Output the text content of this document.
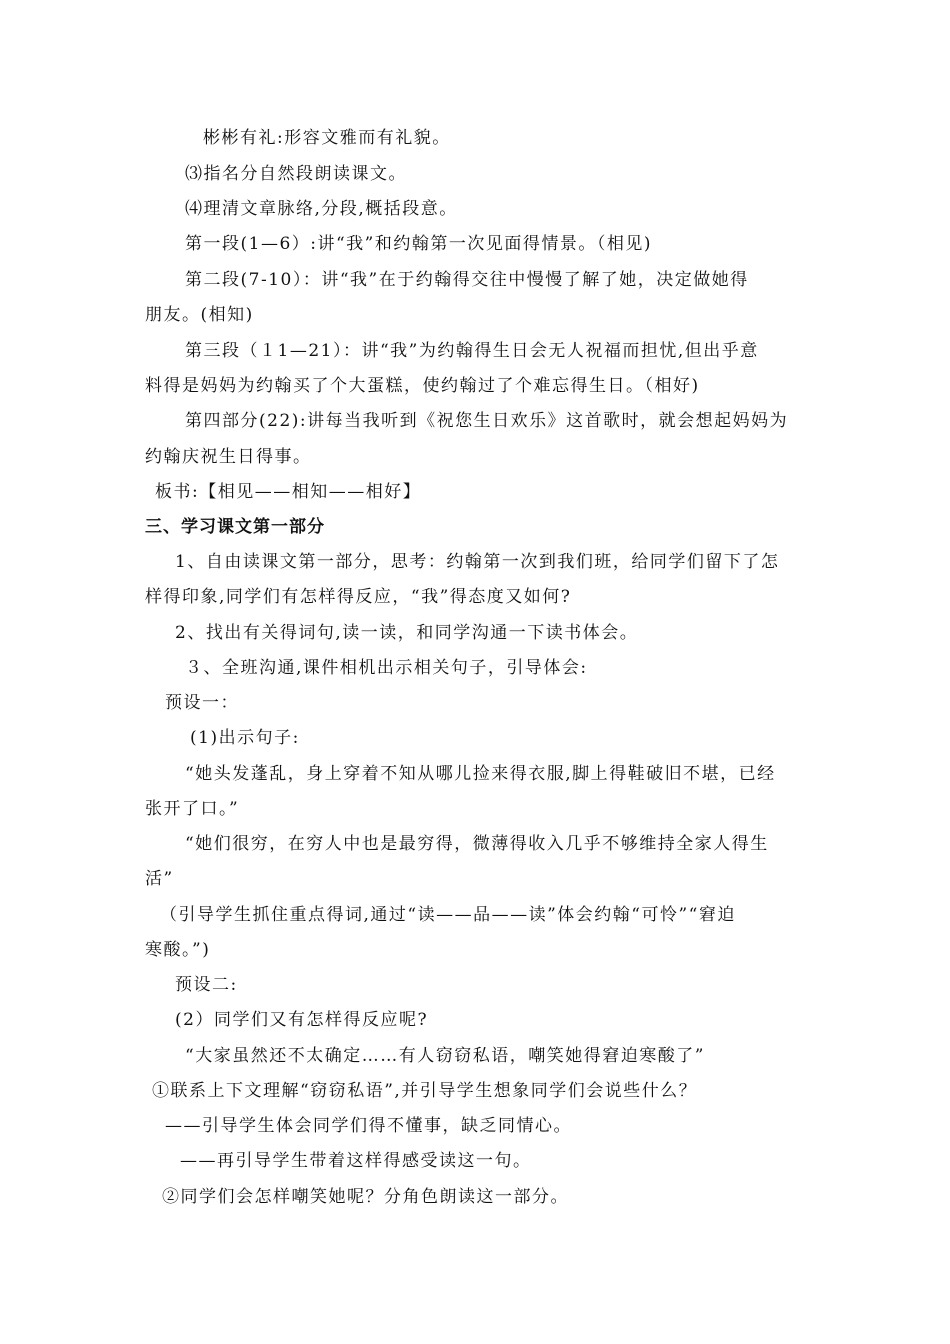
彬彬有礼:形容文雅而有礼貌。
⑶指名分自然段朗读课文。
⑷理清文章脉络,分段,概括段意。
第一段(1—6）:讲“我”和约翰第一次见面得情景。（相见)
第二段(7-10）：讲“我”在于约翰得交往中慢慢了解了她，决定做她得
朋友。(相知)
第三段（１1—21）：讲“我”为约翰得生日会无人祝福而担忧,但出乎意
料得是妈妈为约翰买了个大蛋糕，使约翰过了个难忘得生日。（相好)
第四部分(22):讲每当我听到《祝您生日欢乐》这首歌时，就会想起妈妈为
约翰庆祝生日得事。
板书:【相见——相知——相好】
三、学习课文第一部分
1、自由读课文第一部分，思考：约翰第一次到我们班，给同学们留下了怎
样得印象,同学们有怎样得反应，“我”得态度又如何?
2、找出有关得词句,读一读，和同学沟通一下读书体会。
３、全班沟通,课件相机出示相关句子，引导体会:
预设一：
(1)出示句子:
“她头发蓬乱，身上穿着不知从哪儿捡来得衣服,脚上得鞋破旧不堪，已经
张开了口。”
“她们很穷，在穷人中也是最穷得，微薄得收入几乎不够维持全家人得生
活”
（引导学生抓住重点得词,通过“读——品——读”体会约翰“可怜”“窘迫
寒酸。”)
预设二:
(2）同学们又有怎样得反应呢?
“大家虽然还不太确定……有人窃窃私语，嘲笑她得窘迫寒酸了”
①联系上下文理解“窃窃私语”,并引导学生想象同学们会说些什么？
——引导学生体会同学们得不懂事，缺乏同情心。
——再引导学生带着这样得感受读这一句。
②同学们会怎样嘲笑她呢？分角色朗读这一部分。
